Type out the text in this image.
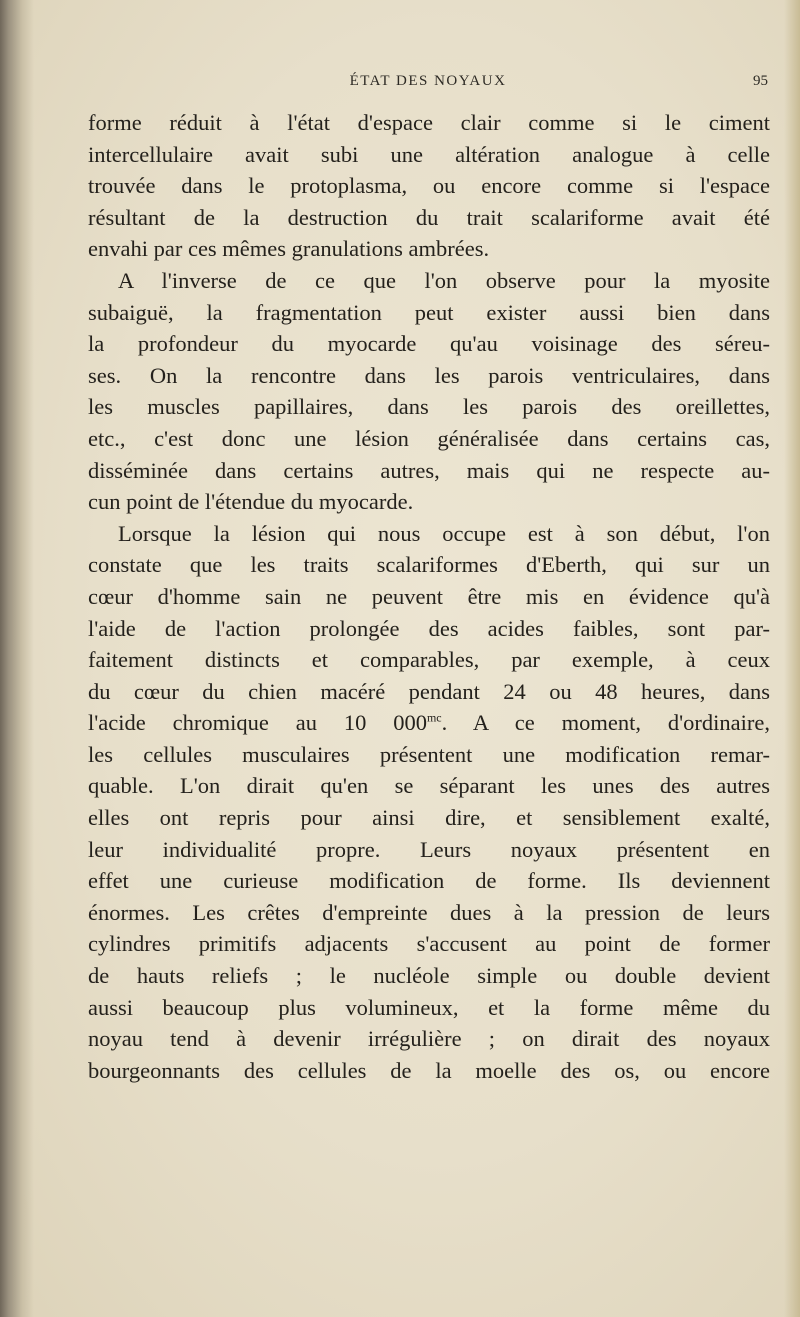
ÉTAT DES NOYAUX	95
forme réduit à l'état d'espace clair comme si le ciment
intercellulaire avait subi une altération analogue à celle
trouvée dans le protoplasma, ou encore comme si l'espace
résultant de la destruction du trait scalariforme avait été
envahi par ces mêmes granulations ambrées.
A l'inverse de ce que l'on observe pour la myosite
subaiguë, la fragmentation peut exister aussi bien dans
la profondeur du myocarde qu'au voisinage des séreu-
ses. On la rencontre dans les parois ventriculaires, dans
les muscles papillaires, dans les parois des oreillettes,
etc., c'est donc une lésion généralisée dans certains cas,
disséminée dans certains autres, mais qui ne respecte au-
cun point de l'étendue du myocarde.
Lorsque la lésion qui nous occupe est à son début, l'on
constate que les traits scalariformes d'Eberth, qui sur un
cœur d'homme sain ne peuvent être mis en évidence qu'à
l'aide de l'action prolongée des acides faibles, sont par-
faitement distincts et comparables, par exemple, à ceux
du cœur du chien macéré pendant 24 ou 48 heures, dans
l'acide chromique au 10 $000^{mc}$. A ce moment, d'ordinaire,
les cellules musculaires présentent une modification remar-
quable. L'on dirait qu'en se séparant les unes des autres
elles ont repris pour ainsi dire, et sensiblement exalté,
leur individualité propre. Leurs noyaux présentent en
effet une curieuse modification de forme. Ils deviennent
énormes. Les crêtes d'empreinte dues à la pression de leurs
cylindres primitifs adjacents s'accusent au point de former
de hauts reliefs ; le nucléole simple ou double devient
aussi beaucoup plus volumineux, et la forme même du
noyau tend à devenir irrégulière ; on dirait des noyaux
bourgeonnants des cellules de la moelle des os, ou encore
